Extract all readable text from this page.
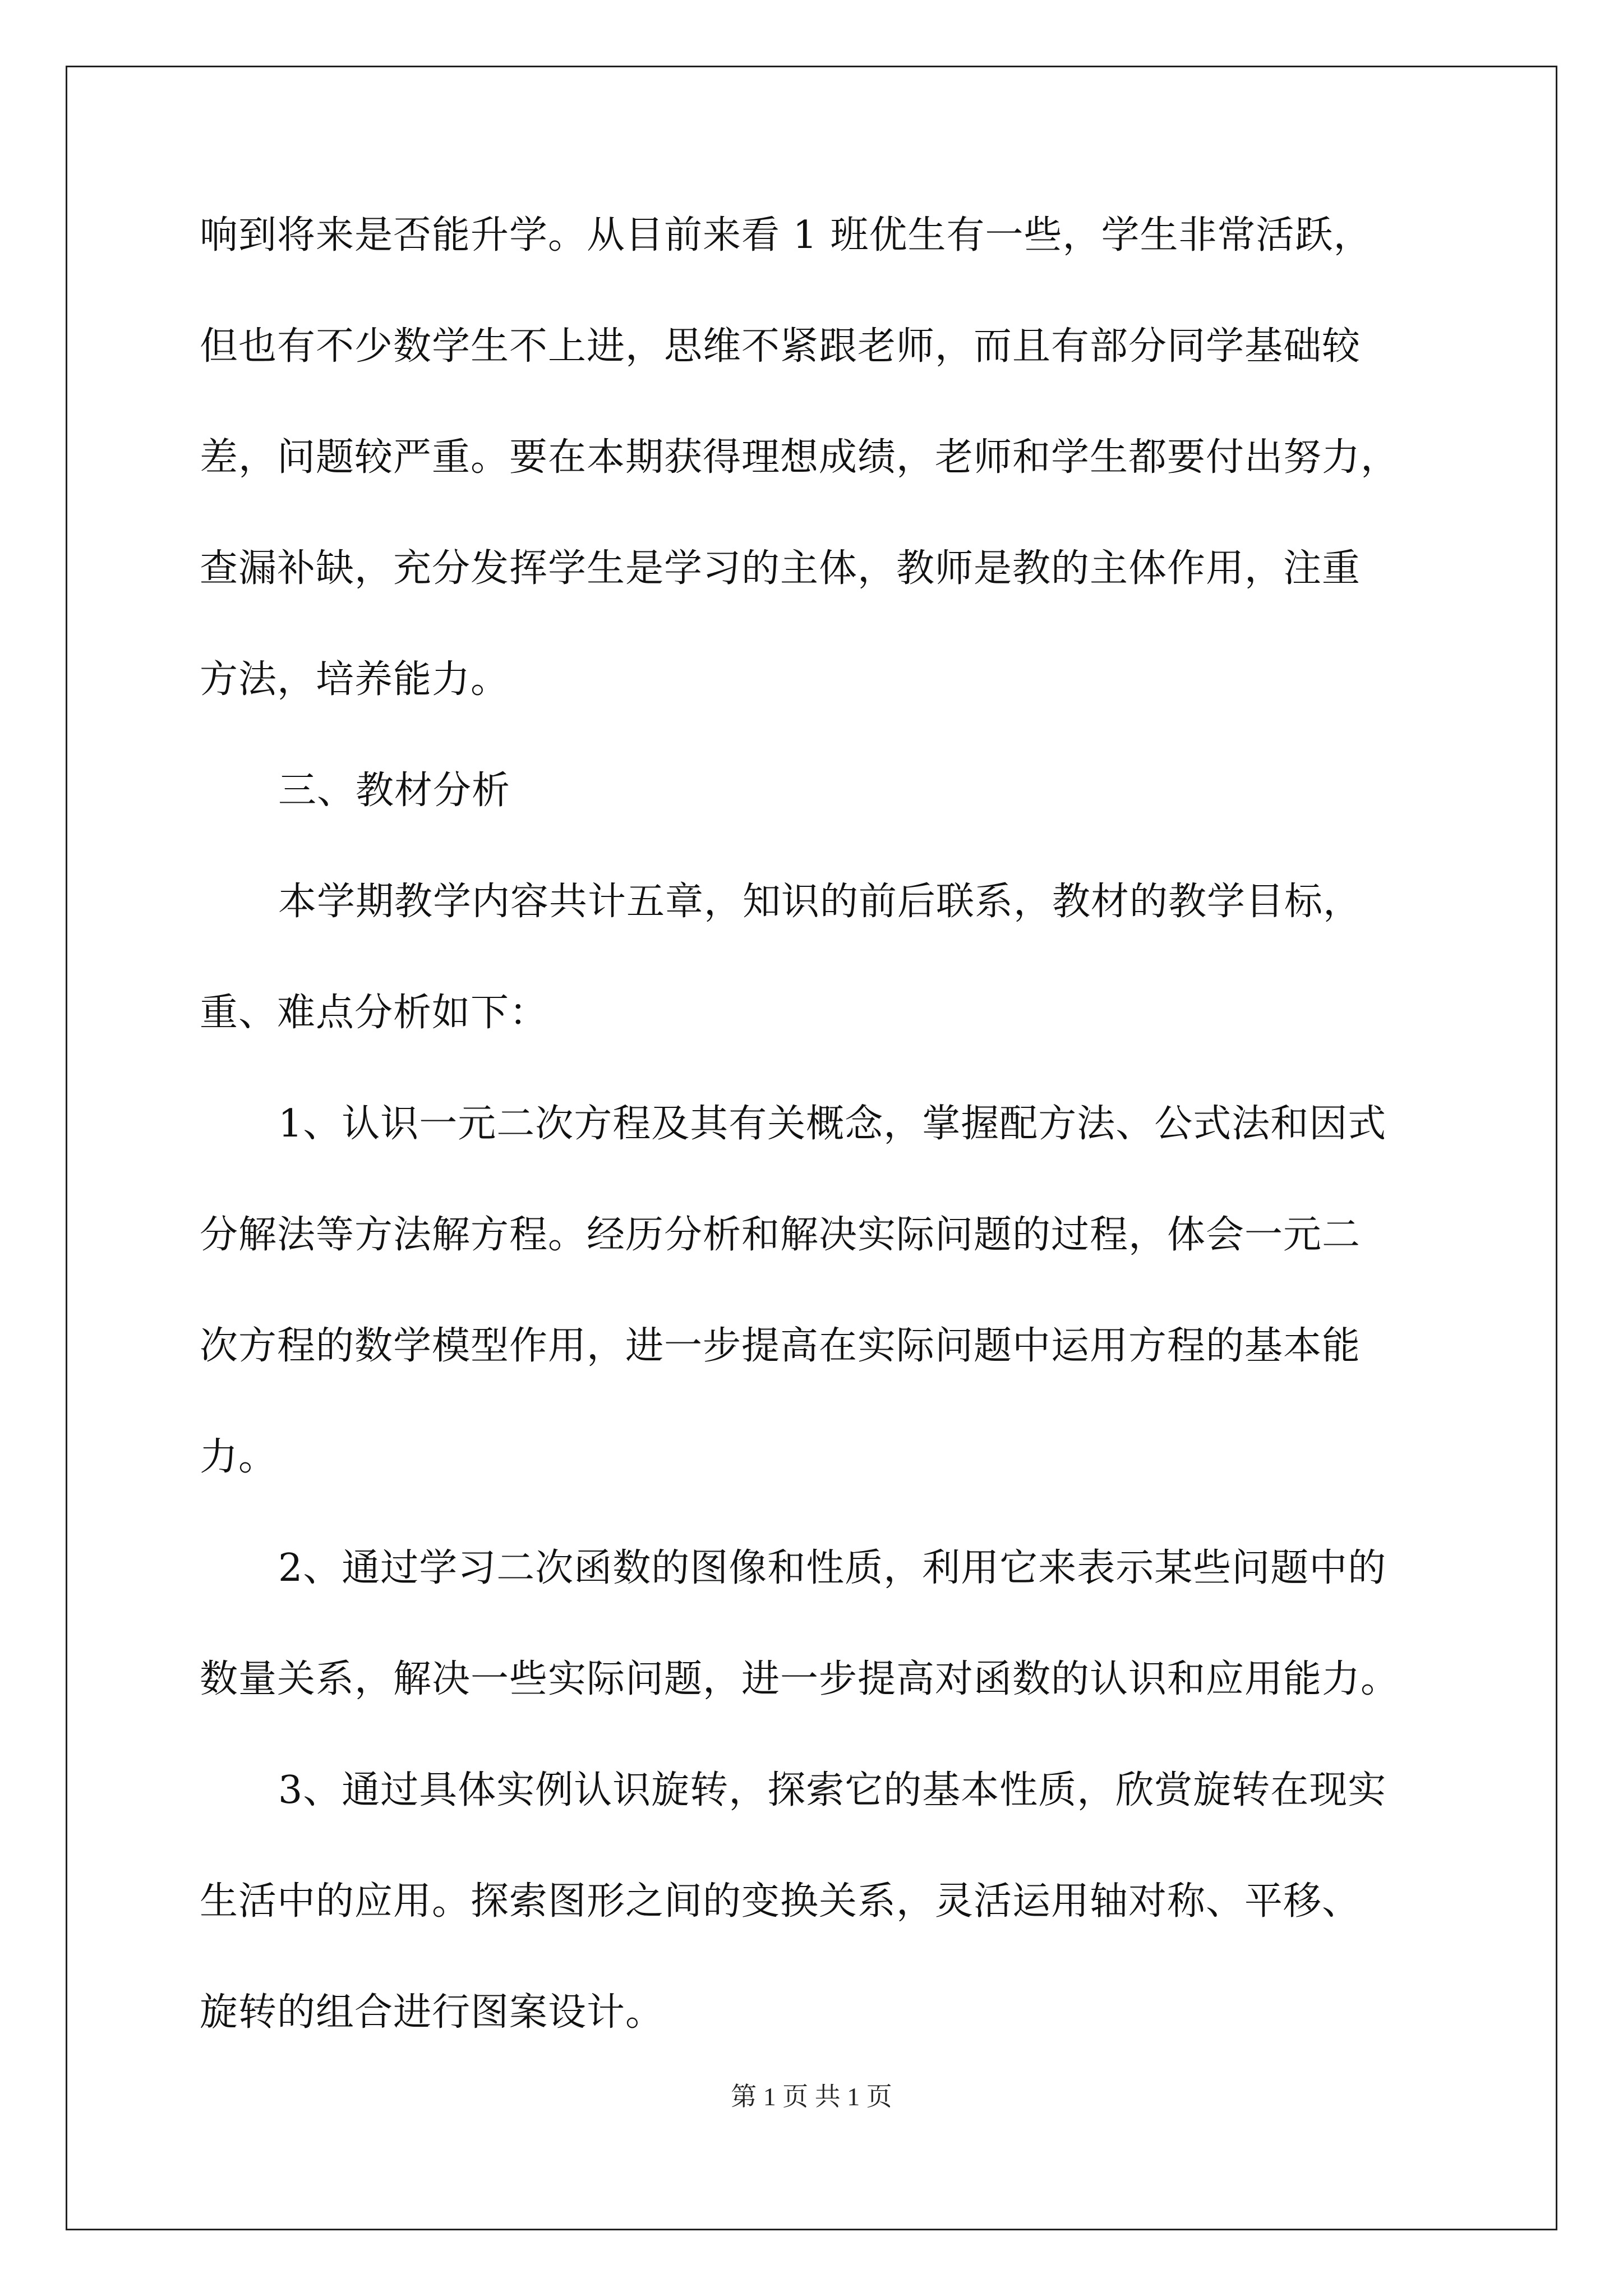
响到将来是否能升学。从目前来看 1 班优生有一些，学生非常活跃，
但也有不少数学生不上进，思维不紧跟老师，而且有部分同学基础较
差，问题较严重。要在本期获得理想成绩，老师和学生都要付出努力，
查漏补缺，充分发挥学生是学习的主体，教师是教的主体作用，注重
方法，培养能力。
三、教材分析
本学期教学内容共计五章，知识的前后联系，教材的教学目标，
重、难点分析如下：
1、认识一元二次方程及其有关概念，掌握配方法、公式法和因式
分解法等方法解方程。经历分析和解决实际问题的过程，体会一元二
次方程的数学模型作用，进一步提高在实际问题中运用方程的基本能
力。
2、通过学习二次函数的图像和性质，利用它来表示某些问题中的
数量关系，解决一些实际问题，进一步提高对函数的认识和应用能力。
3、通过具体实例认识旋转，探索它的基本性质，欣赏旋转在现实
生活中的应用。探索图形之间的变换关系，灵活运用轴对称、平移、
旋转的组合进行图案设计。
第 1 页 共 1 页
